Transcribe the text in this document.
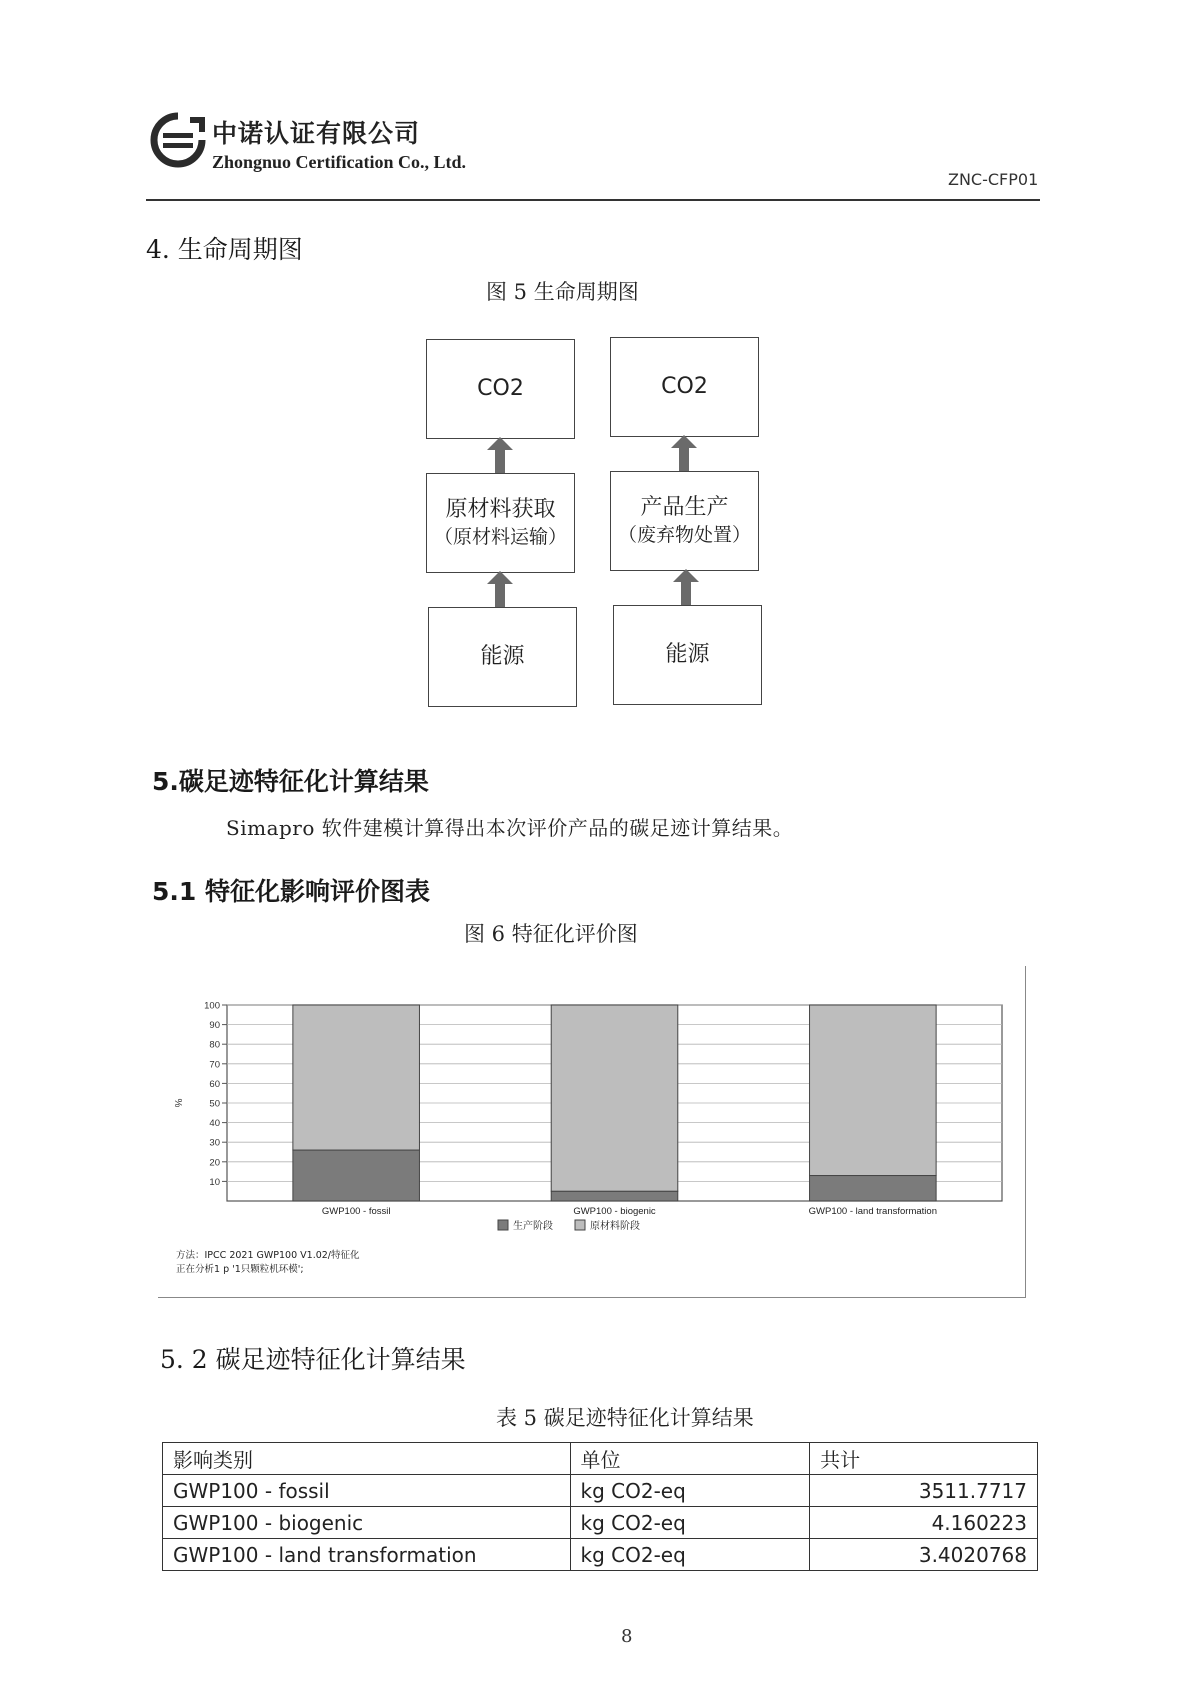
中诺认证有限公司
Zhongnuo Certification Co., Ltd.
ZNC-CFP01
4. 生命周期图
图 5 生命周期图
CO2
原材料获取
（原材料运输）
能源
CO2
产品生产
（废弃物处置）
能源
5.碳足迹特征化计算结果
Simapro 软件建模计算得出本次评价产品的碳足迹计算结果。
5.1 特征化影响评价图表
图 6 特征化评价图
10
20
30
40
50
60
70
80
90
100
%
GWP100 - fossil	GWP100 - biogenic	GWP100 - land transformation
生产阶段	原材料阶段
方法：IPCC 2021 GWP100 V1.02/特征化
正在分析1 p '1只颗粒机环模';
5. 2 碳足迹特征化计算结果
表 5 碳足迹特征化计算结果
影响类别	单位	共计
GWP100 - fossil	kg CO2-eq	3511.7717
GWP100 - biogenic	kg CO2-eq	4.160223
GWP100 - land transformation	kg CO2-eq	3.4020768
8
